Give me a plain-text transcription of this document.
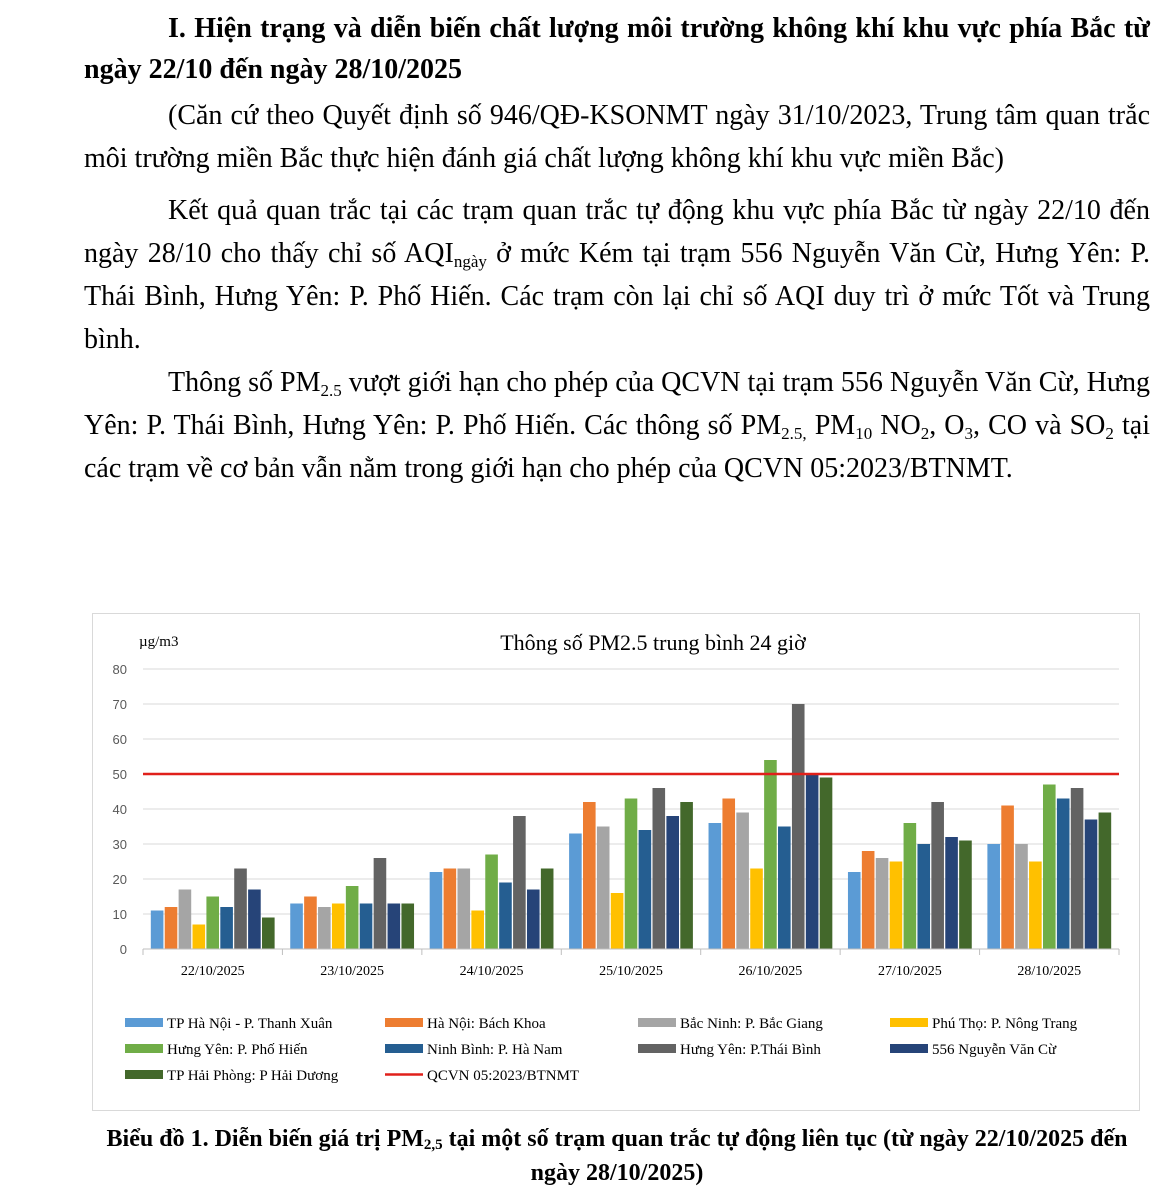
I. Hiện trạng và diễn biến chất lượng môi trường không khí khu vực phía Bắc từ ngày 22/10 đến ngày 28/10/2025

(Căn cứ theo Quyết định số 946/QĐ-KSONMT ngày 31/10/2023, Trung tâm quan trắc môi trường miền Bắc thực hiện đánh giá chất lượng không khí khu vực miền Bắc)

Kết quả quan trắc tại các trạm quan trắc tự động khu vực phía Bắc từ ngày 22/10 đến ngày 28/10 cho thấy chỉ số $AQI_{ngày}$ ở mức Kém tại trạm 556 Nguyễn Văn Cừ, Hưng Yên: P. Thái Bình, Hưng Yên: P. Phố Hiến. Các trạm còn lại chỉ số AQI duy trì ở mức Tốt và Trung bình.

Thông số $PM_{2.5}$ vượt giới hạn cho phép của QCVN tại trạm 556 Nguyễn Văn Cừ, Hưng Yên: P. Thái Bình, Hưng Yên: P. Phố Hiến. Các thông số $PM_{2.5,}$ $PM_{10}$ $NO_2$, $O_3$, CO và $SO_2$ tại các trạm về cơ bản vẫn nằm trong giới hạn cho phép của QCVN 05:2023/BTNMT.

Thông số PM2.5 trung bình 24 giờ
µg/m3
0
10
20
30
40
50
60
70
80
22/10/2025	23/10/2025	24/10/2025	25/10/2025	26/10/2025	27/10/2025	28/10/2025
TP Hà Nội - P. Thanh Xuân	Hà Nội: Bách Khoa	Bắc Ninh: P. Bắc Giang	Phú Thọ: P. Nông Trang
Hưng Yên: P. Phố Hiến	Ninh Bình: P. Hà Nam	Hưng Yên: P.Thái Bình	556 Nguyễn Văn Cừ
TP Hải Phòng: P Hải Dương	QCVN 05:2023/BTNMT

Biểu đồ 1. Diễn biến giá trị $PM_{2,5}$ tại một số trạm quan trắc tự động liên tục (từ ngày 22/10/2025 đến ngày 28/10/2025)
